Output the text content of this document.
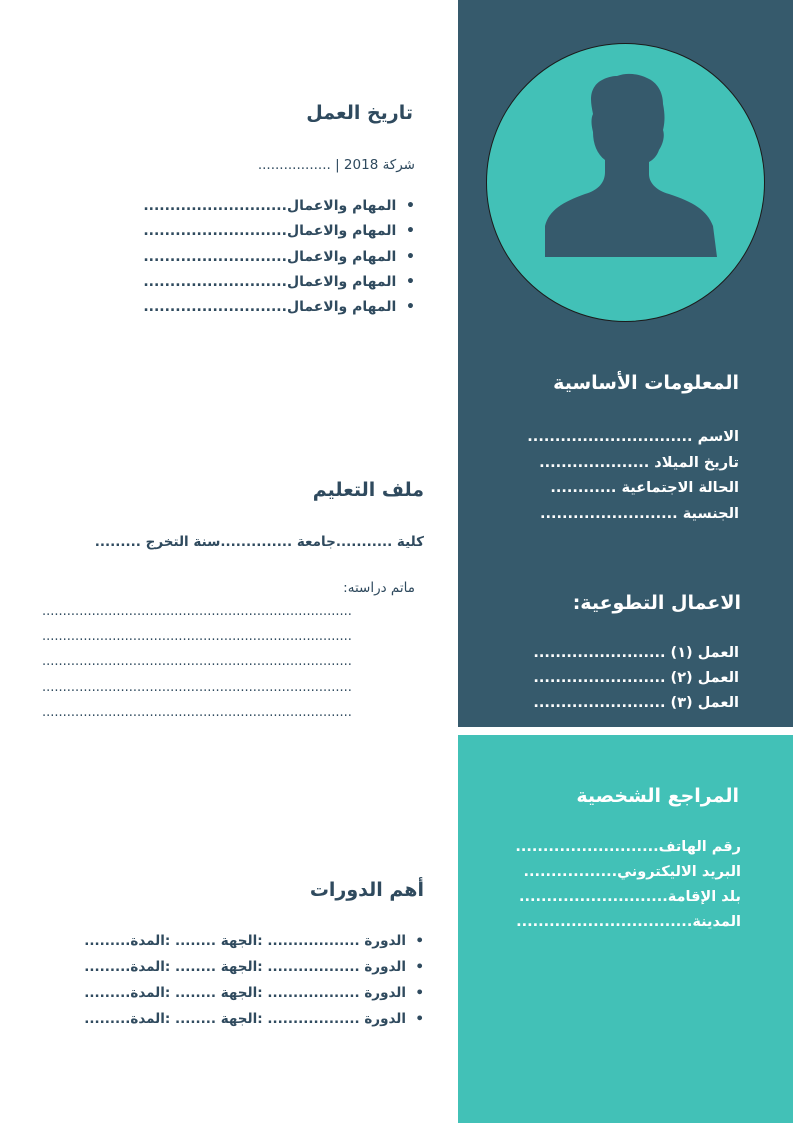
المعلومات الأساسية
الاسم ..............................
تاريخ الميلاد ....................
الحالة الاجتماعية ............
الجنسية .........................
الاعمال التطوعية:
العمل (١) ........................
العمل (٢) ........................
العمل (٣) ........................
المراجع الشخصية
رقم الهاتف..........................
البريد الاليكتروني.................
بلد الإقامة...........................
المدينة................................
تاريخ العمل
شركة 2018 | .................
•  المهام والاعمال...........................
•  المهام والاعمال...........................
•  المهام والاعمال...........................
•  المهام والاعمال...........................
•  المهام والاعمال...........................
ملف التعليم
كلية ...........جامعة ..............سنة التخرج .........
ماتم دراسته:
...........................................................................
...........................................................................
...........................................................................
...........................................................................
...........................................................................
أهم الدورات
•  الدورة .................. :الجهة ........ :المدة.........
•  الدورة .................. :الجهة ........ :المدة.........
•  الدورة .................. :الجهة ........ :المدة.........
•  الدورة .................. :الجهة ........ :المدة.........
